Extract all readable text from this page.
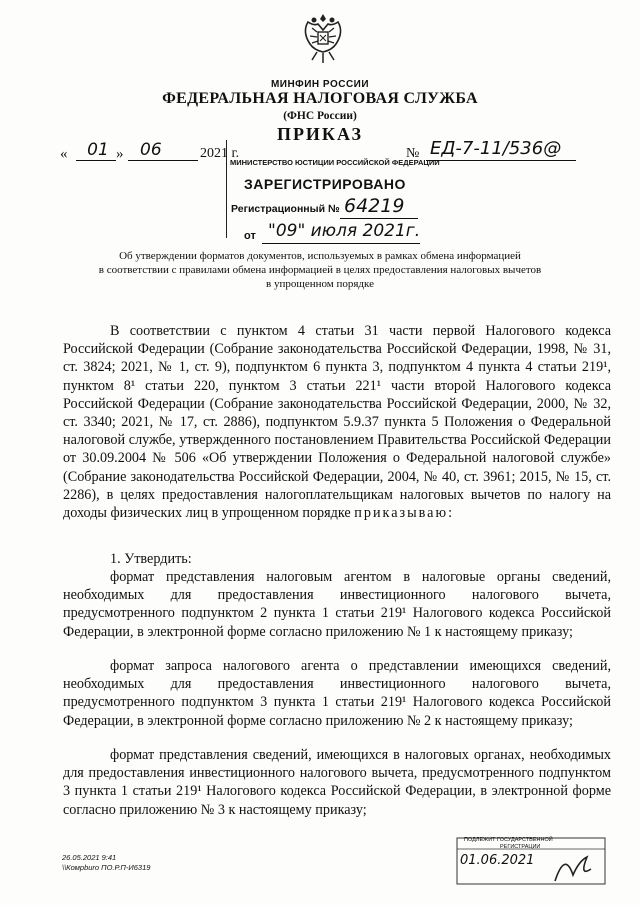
МИНФИН РОССИИ
ФЕДЕРАЛЬНАЯ НАЛОГОВАЯ СЛУЖБА
(ФНС России)
ПРИКАЗ
«	01 » 06	2021 г.	№ ЕД-7-11/536@
МИНИСТЕРСТВО ЮСТИЦИИ РОССИЙСКОЙ ФЕДЕРАЦИИ
ЗАРЕГИСТРИРОВАНО
Регистрационный № 64219
от "09" июля 2021г.
Об утверждении форматов документов, используемых в рамках обмена информацией
в соответствии с правилами обмена информацией в целях предоставления налоговых вычетов
в упрощенном порядке
В соответствии с пунктом 4 статьи 31 части первой Налогового кодекса Российской Федерации (Собрание законодательства Российской Федерации, 1998, № 31, ст. 3824; 2021, № 1, ст. 9), подпунктом 6 пункта 3, подпунктом 4 пункта 4 статьи 219¹, пунктом 8¹ статьи 220, пунктом 3 статьи 221¹ части второй Налогового кодекса Российской Федерации (Собрание законодательства Российской Федерации, 2000, № 32, ст. 3340; 2021, № 17, ст. 2886), подпунктом 5.9.37 пункта 5 Положения о Федеральной налоговой службе, утвержденного постановлением Правительства Российской Федерации от 30.09.2004 № 506 «Об утверждении Положения о Федеральной налоговой службе» (Собрание законодательства Российской Федерации, 2004, № 40, ст. 3961; 2015, № 15, ст. 2286), в целях предоставления налогоплательщикам налоговых вычетов по налогу на доходы физических лиц в упрощенном порядке приказываю:
1. Утвердить:
формат представления налоговым агентом в налоговые органы сведений, необходимых для предоставления инвестиционного налогового вычета, предусмотренного подпунктом 2 пункта 1 статьи 219¹ Налогового кодекса Российской Федерации, в электронной форме согласно приложению № 1 к настоящему приказу;
формат запроса налогового агента о представлении имеющихся сведений, необходимых для предоставления инвестиционного налогового вычета, предусмотренного подпунктом 3 пункта 1 статьи 219¹ Налогового кодекса Российской Федерации, в электронной форме согласно приложению № 2 к настоящему приказу;
формат представления сведений, имеющихся в налоговых органах, необходимых для предоставления инвестиционного налогового вычета, предусмотренного подпунктом 3 пункта 1 статьи 219¹ Налогового кодекса Российской Федерации, в электронной форме согласно приложению № 3 к настоящему приказу;
26.05.2021 9:41
\\Комрburo ПО.Р.П-И6319
ПОДЛЕЖИТ ГОСУДАРСТВЕННОЙ
РЕГИСТРАЦИИ
01.06.2021
